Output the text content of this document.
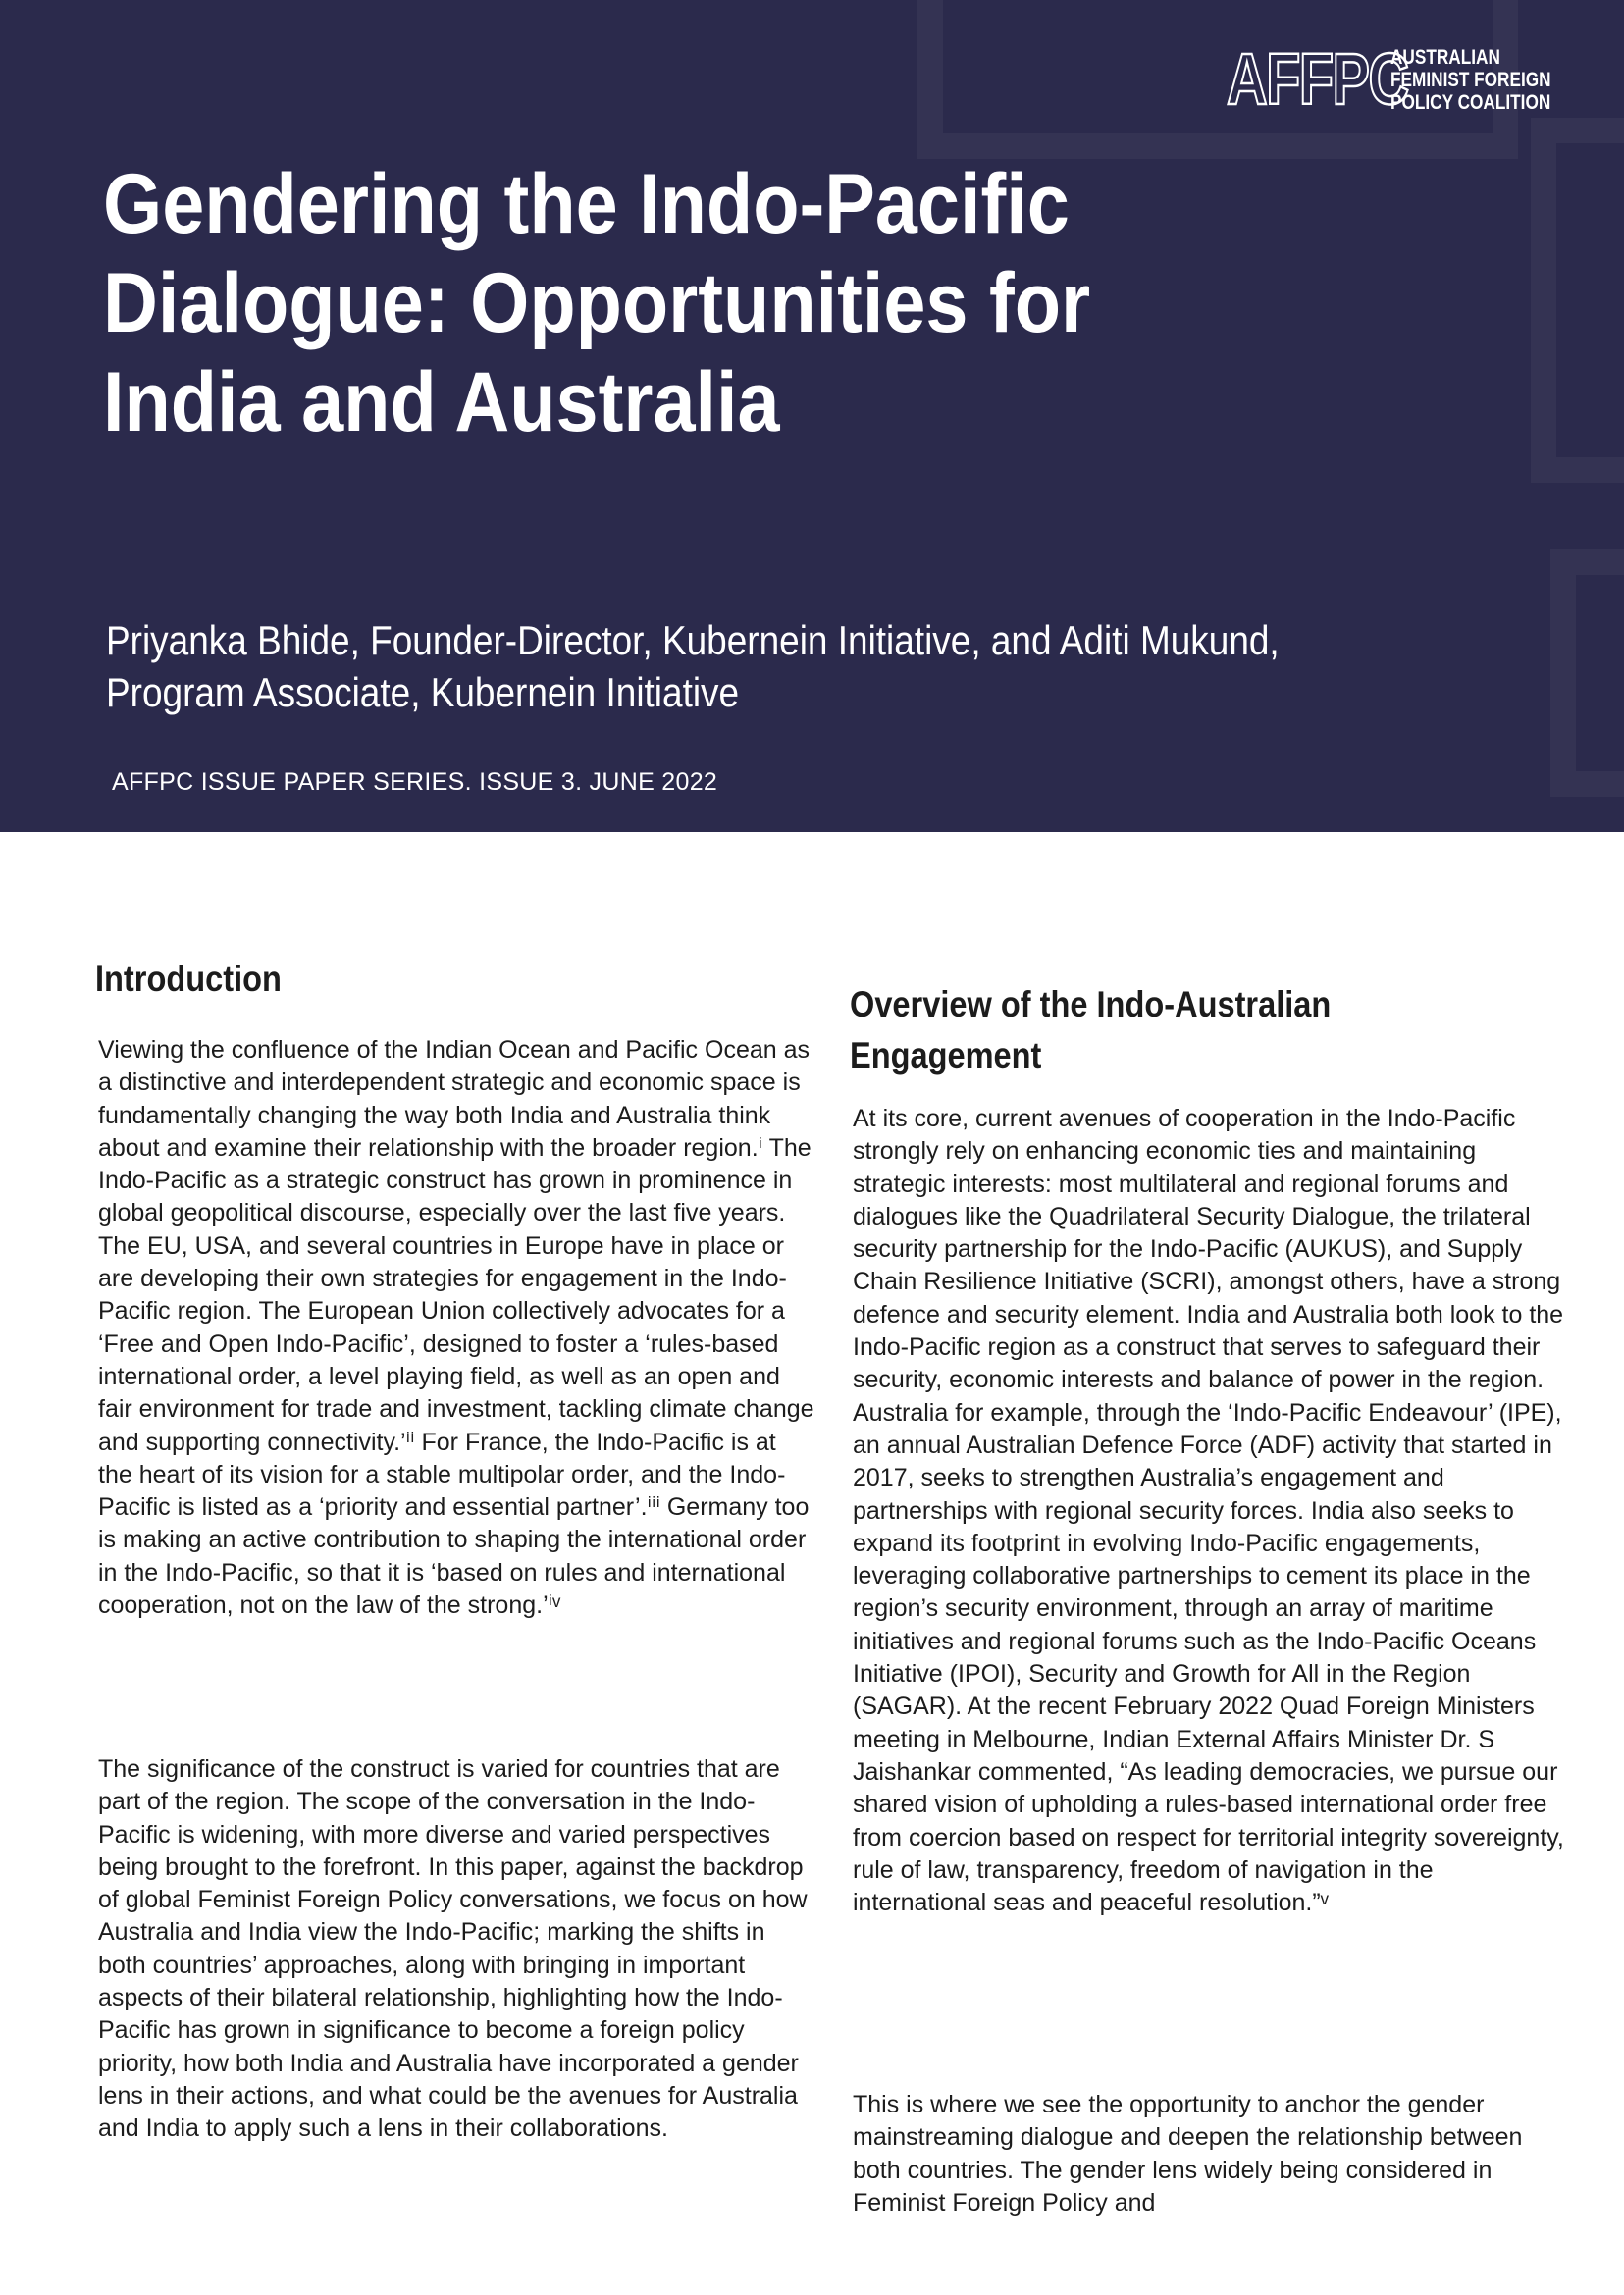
AFFPC
AUSTRALIAN
FEMINIST FOREIGN
POLICY COALITION
Gendering the Indo-Pacific Dialogue: Opportunities for India and Australia
Priyanka Bhide, Founder-Director, Kubernein Initiative, and Aditi Mukund, Program Associate, Kubernein Initiative
AFFPC ISSUE PAPER SERIES. ISSUE 3. JUNE 2022
Introduction

Viewing the confluence of the Indian Ocean and Pacific Ocean as a distinctive and interdependent strategic and economic space is fundamentally changing the way both India and Australia think about and examine their relationship with the broader region.ⁱ The Indo-Pacific as a strategic construct has grown in prominence in global geopolitical discourse, especially over the last five years. The EU, USA, and several countries in Europe have in place or are developing their own strategies for engagement in the Indo-Pacific region. The European Union collectively advocates for a ‘Free and Open Indo-Pacific’, designed to foster a ‘rules-based international order, a level playing field, as well as an open and fair environment for trade and investment, tackling climate change and supporting connectivity.’ⁱⁱ For France, the Indo-Pacific is at the heart of its vision for a stable multipolar order, and the Indo-Pacific is listed as a ‘priority and essential partner’.ⁱⁱⁱ Germany too is making an active contribution to shaping the international order in the Indo-Pacific, so that it is ‘based on rules and international cooperation, not on the law of the strong.’ⁱᵛ

The significance of the construct is varied for countries that are part of the region. The scope of the conversation in the Indo-Pacific is widening, with more diverse and varied perspectives being brought to the forefront. In this paper, against the backdrop of global Feminist Foreign Policy conversations, we focus on how Australia and India view the Indo-Pacific; marking the shifts in both countries’ approaches, along with bringing in important aspects of their bilateral relationship, highlighting how the Indo-Pacific has grown in significance to become a foreign policy priority, how both India and Australia have incorporated a gender lens in their actions, and what could be the avenues for Australia and India to apply such a lens in their collaborations.

Overview of the Indo-Australian
Engagement

At its core, current avenues of cooperation in the Indo-Pacific strongly rely on enhancing economic ties and maintaining strategic interests: most multilateral and regional forums and dialogues like the Quadrilateral Security Dialogue, the trilateral security partnership for the Indo-Pacific (AUKUS), and Supply Chain Resilience Initiative (SCRI), amongst others, have a strong defence and security element. India and Australia both look to the Indo-Pacific region as a construct that serves to safeguard their security, economic interests and balance of power in the region. Australia for example, through the ‘Indo-Pacific Endeavour’ (IPE), an annual Australian Defence Force (ADF) activity that started in 2017, seeks to strengthen Australia’s engagement and partnerships with regional security forces. India also seeks to expand its footprint in evolving Indo-Pacific engagements, leveraging collaborative partnerships to cement its place in the region’s security environment, through an array of maritime initiatives and regional forums such as the Indo-Pacific Oceans Initiative (IPOI), Security and Growth for All in the Region (SAGAR). At the recent February 2022 Quad Foreign Ministers meeting in Melbourne, Indian External Affairs Minister Dr. S Jaishankar commented, “As leading democracies, we pursue our shared vision of upholding a rules-based international order free from coercion based on respect for territorial integrity sovereignty, rule of law, transparency, freedom of navigation in the international seas and peaceful resolution.”ᵛ

This is where we see the opportunity to anchor the gender mainstreaming dialogue and deepen the relationship between both countries. The gender lens widely being considered in Feminist Foreign Policy and
